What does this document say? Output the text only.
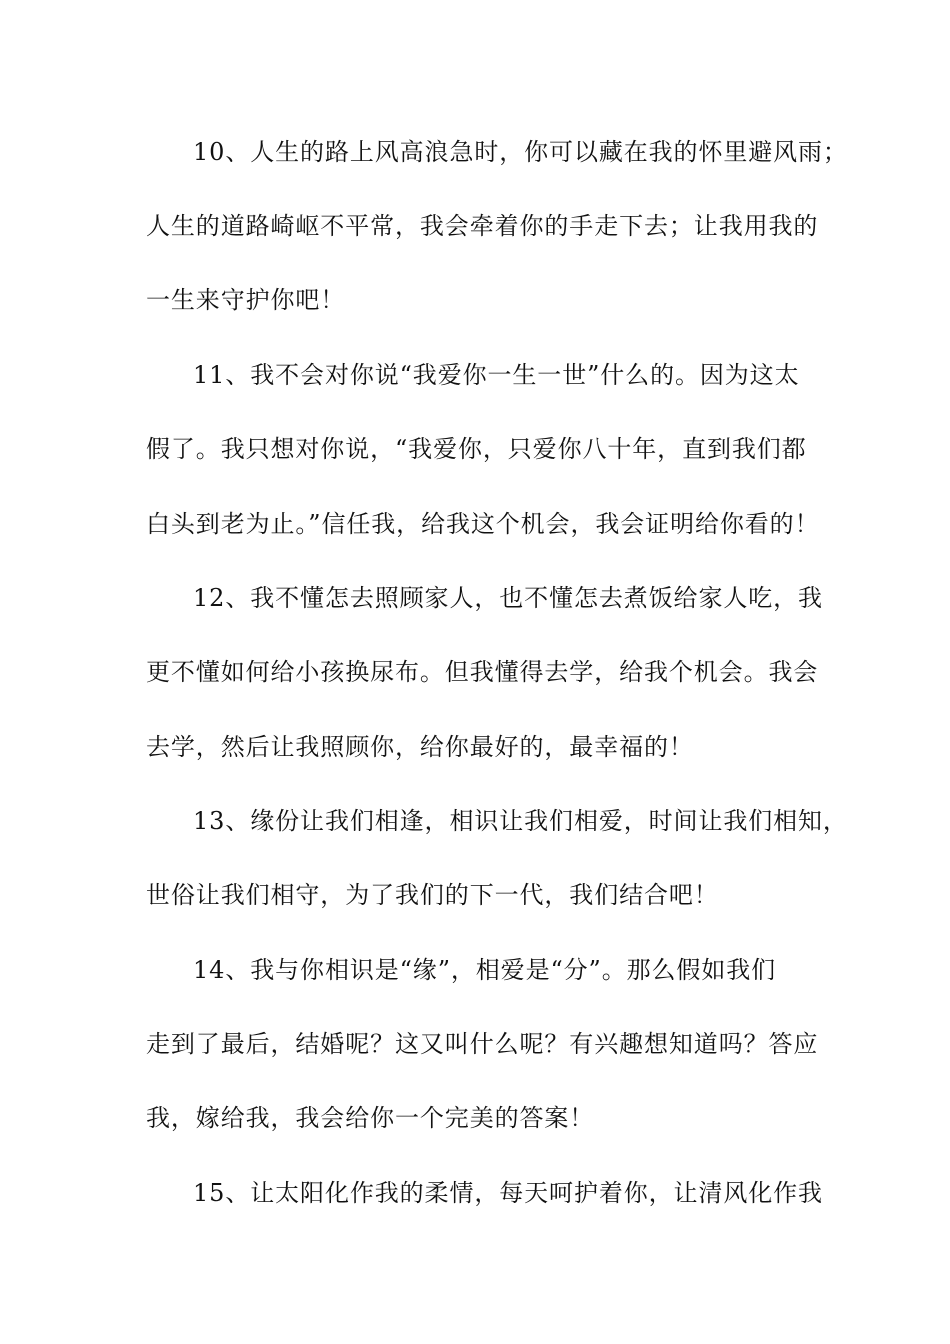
10、人生的路上风高浪急时，你可以藏在我的怀里避风雨；
人生的道路崎岖不平常，我会牵着你的手走下去；让我用我的
一生来守护你吧！
11、我不会对你说“我爱你一生一世”什么的。因为这太
假了。我只想对你说，“我爱你，只爱你八十年，直到我们都
白头到老为止。”信任我，给我这个机会，我会证明给你看的！
12、我不懂怎去照顾家人，也不懂怎去煮饭给家人吃，我
更不懂如何给小孩换尿布。但我懂得去学，给我个机会。我会
去学，然后让我照顾你，给你最好的，最幸福的！
13、缘份让我们相逢，相识让我们相爱，时间让我们相知，
世俗让我们相守，为了我们的下一代，我们结合吧！
14、我与你相识是“缘”，相爱是“分”。那么假如我们
走到了最后，结婚呢？这又叫什么呢？有兴趣想知道吗？答应
我，嫁给我，我会给你一个完美的答案！
15、让太阳化作我的柔情，每天呵护着你，让清风化作我
